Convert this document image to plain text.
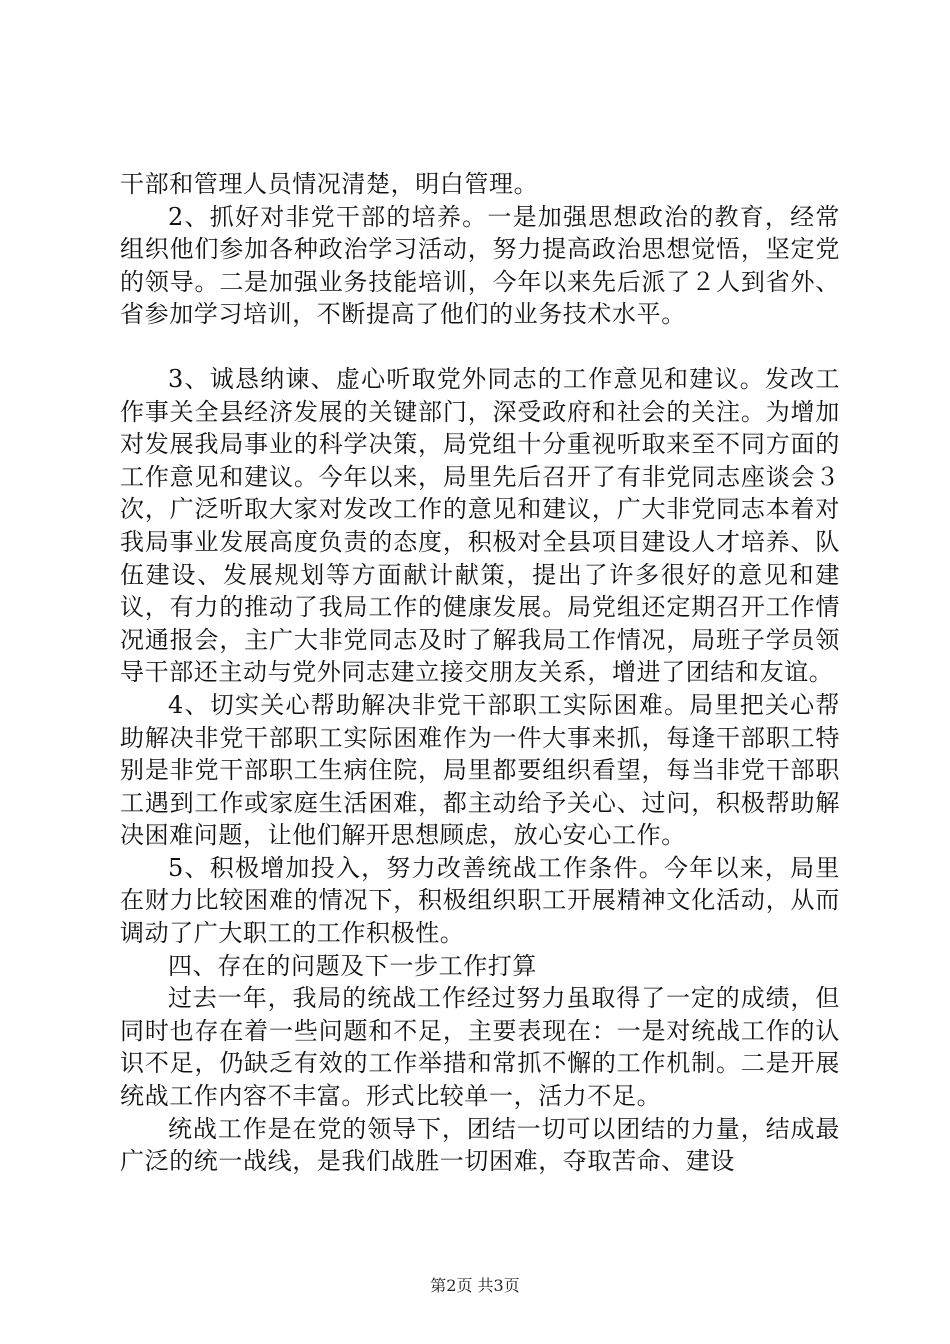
干部和管理人员情况清楚，明白管理。

2、抓好对非党干部的培养。一是加强思想政治的教育，经常组织他们参加各种政治学习活动，努力提高政治思想觉悟，坚定党的领导。二是加强业务技能培训，今年以来先后派了２人到省外、省参加学习培训，不断提高了他们的业务技术水平。

3、诚恳纳谏、虚心听取党外同志的工作意见和建议。发改工作事关全县经济发展的关键部门，深受政府和社会的关注。为增加对发展我局事业的科学决策，局党组十分重视听取来至不同方面的工作意见和建议。今年以来，局里先后召开了有非党同志座谈会３次，广泛听取大家对发改工作的意见和建议，广大非党同志本着对我局事业发展高度负责的态度，积极对全县项目建设人才培养、队伍建设、发展规划等方面献计献策，提出了许多很好的意见和建议，有力的推动了我局工作的健康发展。局党组还定期召开工作情况通报会，主广大非党同志及时了解我局工作情况，局班子学员领导干部还主动与党外同志建立接交朋友关系，增进了团结和友谊。

4、切实关心帮助解决非党干部职工实际困难。局里把关心帮助解决非党干部职工实际困难作为一件大事来抓，每逢干部职工特别是非党干部职工生病住院，局里都要组织看望，每当非党干部职工遇到工作或家庭生活困难，都主动给予关心、过问，积极帮助解决困难问题，让他们解开思想顾虑，放心安心工作。

5、积极增加投入，努力改善统战工作条件。今年以来，局里在财力比较困难的情况下，积极组织职工开展精神文化活动，从而调动了广大职工的工作积极性。

四、存在的问题及下一步工作打算

过去一年，我局的统战工作经过努力虽取得了一定的成绩，但同时也存在着一些问题和不足，主要表现在：一是对统战工作的认识不足，仍缺乏有效的工作举措和常抓不懈的工作机制。二是开展统战工作内容不丰富。形式比较单一，活力不足。

统战工作是在党的领导下，团结一切可以团结的力量，结成最广泛的统一战线，是我们战胜一切困难，夺取苦命、建设

第2页 共3页
